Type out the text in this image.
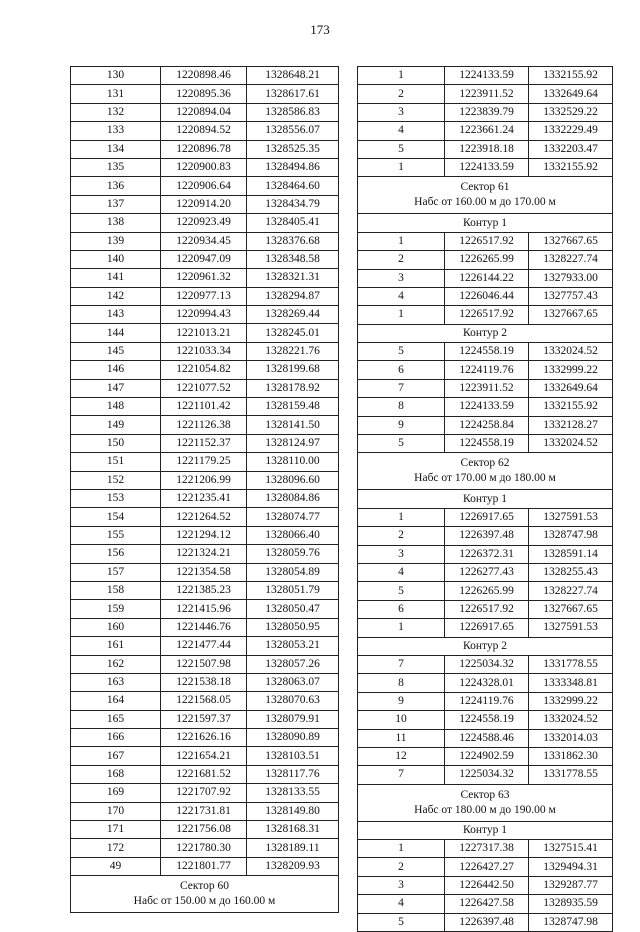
173
130	1220898.46	1328648.21
131	1220895.36	1328617.61
132	1220894.04	1328586.83
133	1220894.52	1328556.07
134	1220896.78	1328525.35
135	1220900.83	1328494.86
136	1220906.64	1328464.60
137	1220914.20	1328434.79
138	1220923.49	1328405.41
139	1220934.45	1328376.68
140	1220947.09	1328348.58
141	1220961.32	1328321.31
142	1220977.13	1328294.87
143	1220994.43	1328269.44
144	1221013.21	1328245.01
145	1221033.34	1328221.76
146	1221054.82	1328199.68
147	1221077.52	1328178.92
148	1221101.42	1328159.48
149	1221126.38	1328141.50
150	1221152.37	1328124.97
151	1221179.25	1328110.00
152	1221206.99	1328096.60
153	1221235.41	1328084.86
154	1221264.52	1328074.77
155	1221294.12	1328066.40
156	1221324.21	1328059.76
157	1221354.58	1328054.89
158	1221385.23	1328051.79
159	1221415.96	1328050.47
160	1221446.76	1328050.95
161	1221477.44	1328053.21
162	1221507.98	1328057.26
163	1221538.18	1328063.07
164	1221568.05	1328070.63
165	1221597.37	1328079.91
166	1221626.16	1328090.89
167	1221654.21	1328103.51
168	1221681.52	1328117.76
169	1221707.92	1328133.55
170	1221731.81	1328149.80
171	1221756.08	1328168.31
172	1221780.30	1328189.11
49	1221801.77	1328209.93

Сектор 60
Набс от 150.00 м до 160.00 м		
1	1224133.59	1332155.92
2	1223911.52	1332649.64
3	1223839.79	1332529.22
4	1223661.24	1332229.49
5	1223918.18	1332203.47
1	1224133.59	1332155.92

Сектор 61
Набс от 160.00 м до 170.00 м		

Контур 1		
1	1226517.92	1327667.65
2	1226265.99	1328227.74
3	1226144.22	1327933.00
4	1226046.44	1327757.43
1	1226517.92	1327667.65
Контур 2		
5	1224558.19	1332024.52
6	1224119.76	1332999.22
7	1223911.52	1332649.64
8	1224133.59	1332155.92
9	1224258.84	1332128.27
5	1224558.19	1332024.52

Сектор 62
Набс от 170.00 м до 180.00 м		

Контур 1		
1	1226917.65	1327591.53
2	1226397.48	1328747.98
3	1226372.31	1328591.14
4	1226277.43	1328255.43
5	1226265.99	1328227.74
6	1226517.92	1327667.65
1	1226917.65	1327591.53
Контур 2		
7	1225034.32	1331778.55
8	1224328.01	1333348.81
9	1224119.76	1332999.22
10	1224558.19	1332024.52
11	1224588.46	1332014.03
12	1224902.59	1331862.30
7	1225034.32	1331778.55

Сектор 63
Набс от 180.00 м до 190.00 м		

Контур 1		
1	1227317.38	1327515.41
2	1226427.27	1329494.31
3	1226442.50	1329287.77
4	1226427.58	1328935.59
5	1226397.48	1328747.98
